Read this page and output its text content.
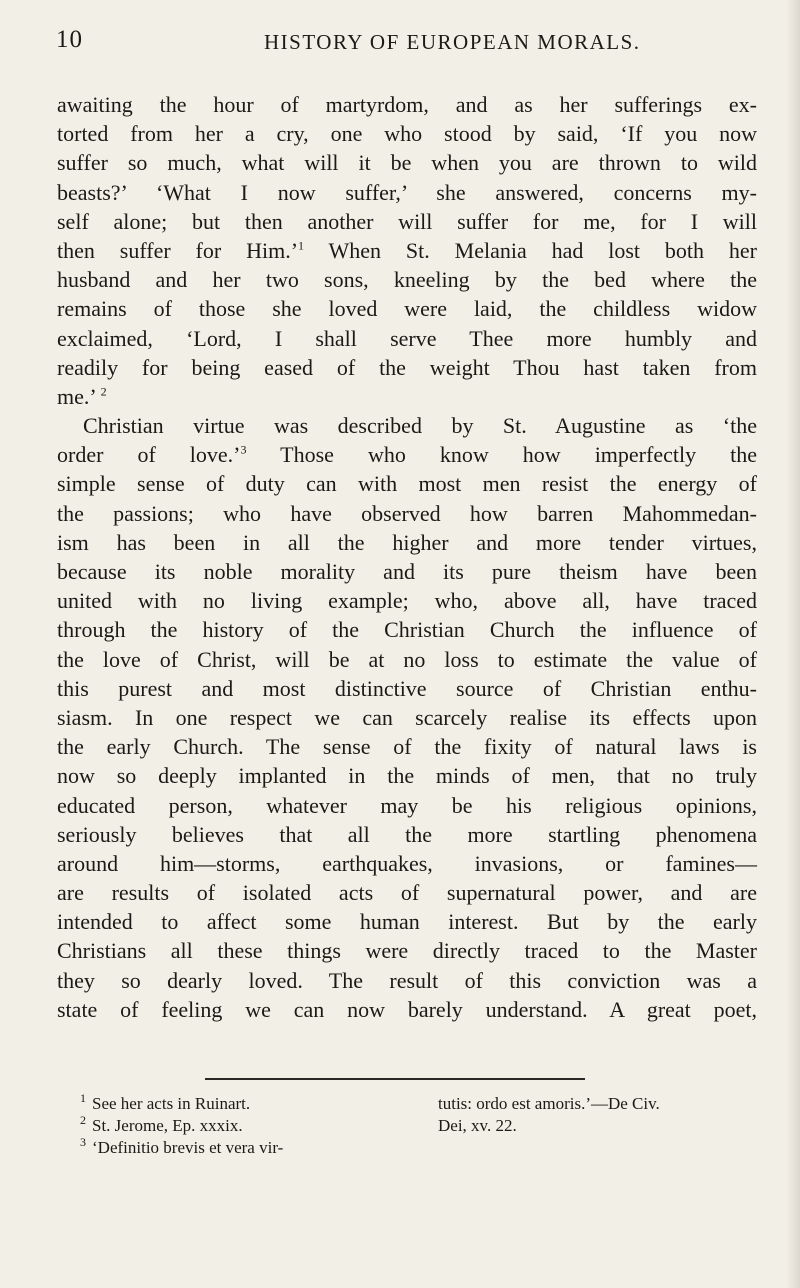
10	HISTORY OF EUROPEAN MORALS.
awaiting the hour of martyrdom, and as her sufferings ex-
torted from her a cry, one who stood by said, ‘If you now
suffer so much, what will it be when you are thrown to wild
beasts?’ ‘What I now suffer,’ she answered, concerns my-
self alone; but then another will suffer for me, for I will
then suffer for Him.’$^1$ When St. Melania had lost both her
husband and her two sons, kneeling by the bed where the
remains of those she loved were laid, the childless widow
exclaimed, ‘Lord, I shall serve Thee more humbly and
readily for being eased of the weight Thou hast taken from
me.’ $^2$
Christian virtue was described by St. Augustine as ‘the
order of love.’$^3$ Those who know how imperfectly the
simple sense of duty can with most men resist the energy of
the passions; who have observed how barren Mahommedan-
ism has been in all the higher and more tender virtues,
because its noble morality and its pure theism have been
united with no living example; who, above all, have traced
through the history of the Christian Church the influence of
the love of Christ, will be at no loss to estimate the value of
this purest and most distinctive source of Christian enthu-
siasm. In one respect we can scarcely realise its effects upon
the early Church. The sense of the fixity of natural laws is
now so deeply implanted in the minds of men, that no truly
educated person, whatever may be his religious opinions,
seriously believes that all the more startling phenomena
around him—storms, earthquakes, invasions, or famines—
are results of isolated acts of supernatural power, and are
intended to affect some human interest. But by the early
Christians all these things were directly traced to the Master
they so dearly loved. The result of this conviction was a
state of feeling we can now barely understand. A great poet,
$^1$ See her acts in Ruinart.	tutis: ordo est amoris.’—De Civ.
$^2$ St. Jerome, Ep. xxxix.	Dei, xv. 22.
$^3$ ‘Definitio brevis et vera vir-
